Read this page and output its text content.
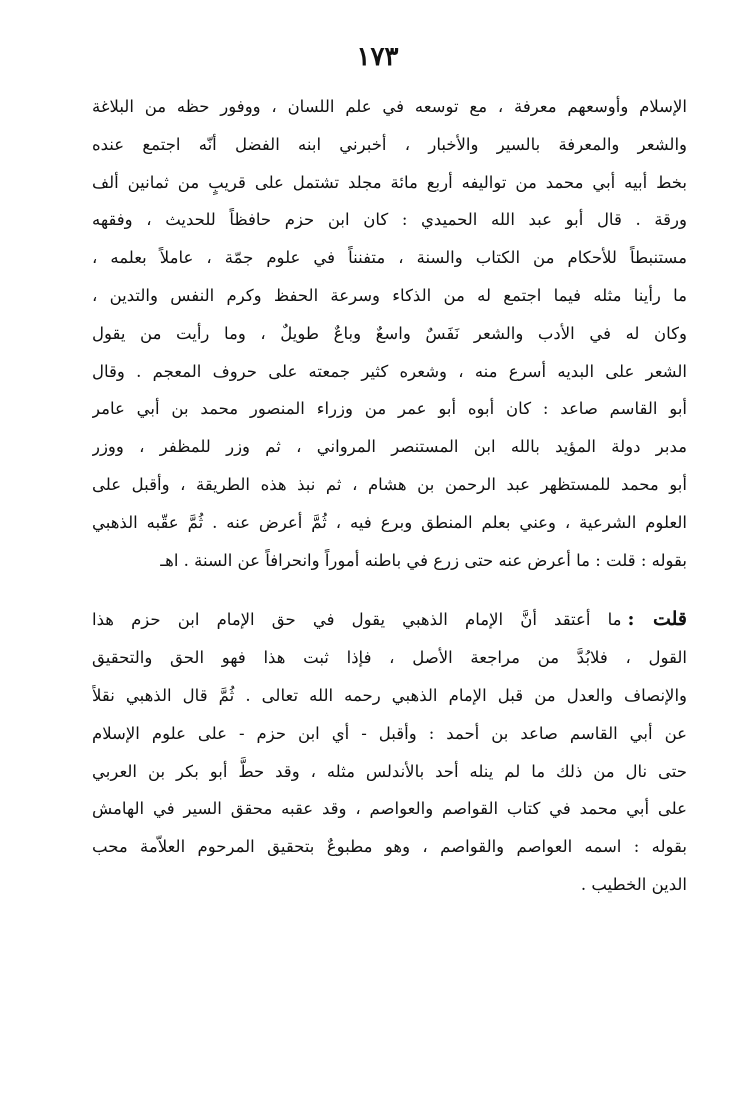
١٧٣
الإسلام وأوسعهم معرفة ، مع توسعه في علم اللسان ، ووفور حظه من البلاغة
والشعر والمعرفة بالسير والأخبار ، أخبرني ابنه الفضل أنّه اجتمع عنده
بخط أبيه أبي محمد من تواليفه أربع مائة مجلد تشتمل على قريبٍ من ثمانين ألف
ورقة . قال أبو عبد الله الحميدي : كان ابن حزم حافظاً للحديث ، وفقهه
مستنبطاً للأحكام من الكتاب والسنة ، متفنناً في علوم جمّة ، عاملاً بعلمه ،
ما رأينا مثله فيما اجتمع له من الذكاء وسرعة الحفظ وكرم النفس والتدين ،
وكان له في الأدب والشعر نَفَسٌ واسعٌ وباعٌ طويلٌ ، وما رأيت من يقول
الشعر على البديه أسرع منه ، وشعره كثير جمعته على حروف المعجم . وقال
أبو القاسم صاعد : كان أبوه أبو عمر من وزراء المنصور محمد بن أبي عامر
مدبر دولة المؤيد بالله ابن المستنصر المرواني ، ثم وزر للمظفر ، ووزر
أبو محمد للمستظهر عبد الرحمن بن هشام ، ثم نبذ هذه الطريقة ، وأقبل على
العلوم الشرعية ، وعني بعلم المنطق وبرع فيه ، ثُمَّ أعرض عنه . ثُمَّ عقّبه الذهبي
بقوله : قلت : ما أعرض عنه حتى زرع في باطنه أموراً وانحرافاً عن السنة . اهـ
قلت :ما أعتقد أنَّ الإمام الذهبي يقول في حق الإمام ابن حزم هذا
القول ، فلابُدَّ من مراجعة الأصل ، فإذا ثبت هذا فهو الحق والتحقيق
والإنصاف والعدل من قبل الإمام الذهبي رحمه الله تعالى . ثُمَّ قال الذهبي نقلاً
عن أبي القاسم صاعد بن أحمد : وأقبل - أي ابن حزم - على علوم الإسلام
حتى نال من ذلك ما لم ينله أحد بالأندلس مثله ، وقد حطَّ أبو بكر بن العربي
على أبي محمد في كتاب القواصم والعواصم ، وقد عقبه محقق السير في الهامش
بقوله : اسمه العواصم والقواصم ، وهو مطبوعٌ بتحقيق المرحوم العلاّمة محب
الدين الخطيب .
